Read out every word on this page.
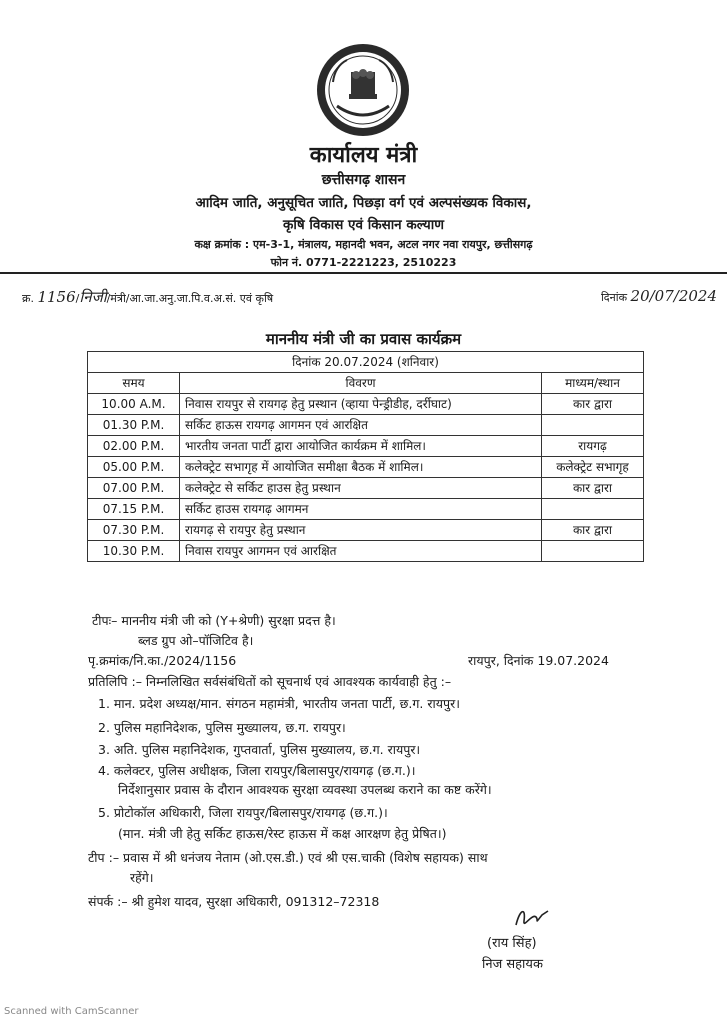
कार्यालय मंत्री
छत्तीसगढ़ शासन
आदिम जाति, अनुसूचित जाति, पिछड़ा वर्ग एवं अल्पसंख्यक विकास,
कृषि विकास एवं किसान कल्याण
कक्ष क्रमांक : एम-3-1, मंत्रालय, महानदी भवन, अटल नगर नवा रायपुर, छत्तीसगढ़
फोन नं. 0771-2221223, 2510223
क्र. 1156/निजी/मंत्री/आ.जा.अनु.जा.पि.व.अ.सं. एवं कृषि	दिनांक 20/07/2024
माननीय मंत्री जी का प्रवास कार्यक्रम
दिनांक 20.07.2024 (शनिवार)		
समय	विवरण	माध्यम/स्थान
10.00 A.M.	निवास रायपुर से रायगढ़ हेतु प्रस्थान (व्हाया पेन्ड्रीडीह, दर्रीघाट)	कार द्वारा
01.30 P.M.	सर्किट हाऊस रायगढ़ आगमन एवं आरक्षित	
02.00 P.M.	भारतीय जनता पार्टी द्वारा आयोजित कार्यक्रम में शामिल।	रायगढ़
05.00 P.M.	कलेक्ट्रेट सभागृह में आयोजित समीक्षा बैठक में शामिल।	कलेक्ट्रेट सभागृह
07.00 P.M.	कलेक्ट्रेट से सर्किट हाउस हेतु प्रस्थान	कार द्वारा
07.15 P.M.	सर्किट हाउस रायगढ़ आगमन	
07.30 P.M.	रायगढ़ से रायपुर हेतु प्रस्थान	कार द्वारा
10.30 P.M.	निवास रायपुर आगमन एवं आरक्षित	
टीपः– माननीय मंत्री जी को (Y+श्रेणी) सुरक्षा प्रदत्त है।
ब्लड ग्रुप ओ–पॉजिटिव है।
पृ.क्रमांक/नि.का./2024/1156	रायपुर, दिनांक 19.07.2024
प्रतिलिपि :– निम्नलिखित सर्वसंबंधितों को सूचनार्थ एवं आवश्यक कार्यवाही हेतु :–
1. मान. प्रदेश अध्यक्ष/मान. संगठन महामंत्री, भारतीय जनता पार्टी, छ.ग. रायपुर।
2. पुलिस महानिदेशक, पुलिस मुख्यालय, छ.ग. रायपुर।
3. अति. पुलिस महानिदेशक, गुप्तवार्ता, पुलिस मुख्यालय, छ.ग. रायपुर।
4. कलेक्टर, पुलिस अधीक्षक, जिला रायपुर/बिलासपुर/रायगढ़ (छ.ग.)।
निर्देशानुसार प्रवास के दौरान आवश्यक सुरक्षा व्यवस्था उपलब्ध कराने का कष्ट करेंगे।
5. प्रोटोकॉल अधिकारी, जिला रायपुर/बिलासपुर/रायगढ़ (छ.ग.)।
(मान. मंत्री जी हेतु सर्किट हाऊस/रेस्ट हाऊस में कक्ष आरक्षण हेतु प्रेषित।)
टीप :– प्रवास में श्री धनंजय नेताम (ओ.एस.डी.) एवं श्री एस.चाकी (विशेष सहायक) साथ
रहेंगे।
संपर्क :– श्री हुमेश यादव, सुरक्षा अधिकारी, 091312–72318
(राय सिंह)
निज सहायक
Scanned with CamScanner
